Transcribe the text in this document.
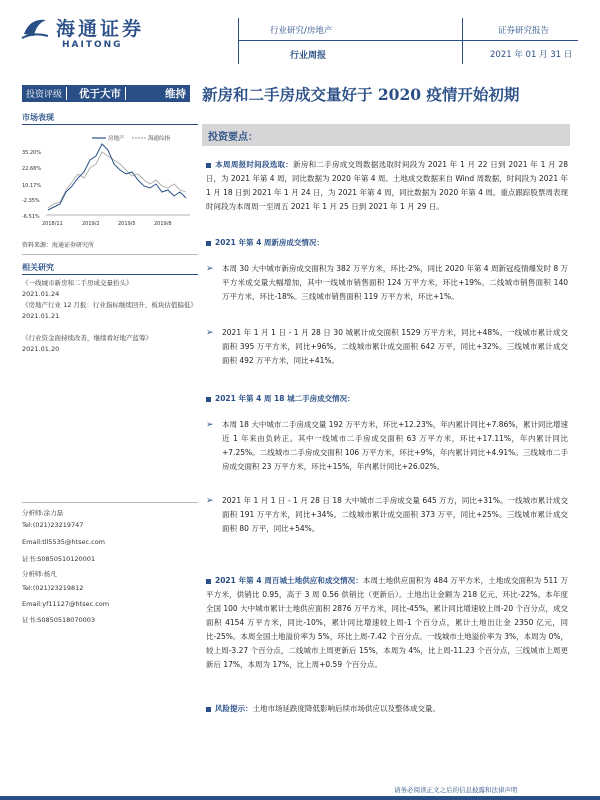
海通证券
HAITONG
行业研究/房地产
行业周报
证券研究报告
2021 年 01 月 31 日
投资评级	优于大市	维持 新房和二手房成交量好于 2020 疫情开始初期
市场表现
房地产	海通综指
35.20%
22.68%
10.17%
-2.35%
-6.51%
2018/11	2019/2	2019/5	2019/8
资料来源：海通证券研究所
相关研究
《一线城市新房和二手房成交量拾头》
2021.01.24
《房地产行业 12 月报：行业指标继续回升，板块估值偏低》
2021.01.21
《行业资金面持续改善，继续看好地产蓝筹》
2021.01.20
分析师:涂力磊
Tel:(021)23219747
Email:tll5535@htsec.com
证书:S0850510120001
分析师:杨凡
Tel:(021)23219812
Email:yf11127@htsec.com
证书:S0850518070003
投资要点：
本周周报时间段选取：新房和二手房成交周数据选取时间段为 2021 年 1 月 22 日到 2021 年 1 月 28 日，为 2021 年第 4 周，同比数据为 2020 年第 4 周。土地成交数据来自 Wind 周数据，时间段为 2021 年 1 月 18 日到 2021 年 1 月 24 日，为 2021 年第 4 周，同比数据为 2020 年第 4 周。重点跟踪股票周表现时间段为本周周一至周五 2021 年 1 月 25 日到 2021 年 1 月 29 日。
2021 年第 4 周新房成交情况：
➢ 本周 30 大中城市新房成交面积为 382 万平方米，环比-2%，同比 2020 年第 4 周新冠疫情爆发时 8 万平方米成交量大幅增加，其中一线城市销售面积 124 万平方米，环比+19%。二线城市销售面积 140 万平方米，环比-18%。三线城市销售面积 119 万平方米，环比+1%。
➢ 2021 年 1 月 1 日 - 1 月 28 日 30 城累计成交面积 1529 万平方米，同比+48%。一线城市累计成交面积 395 万平方米，同比+96%。二线城市累计成交面积 642 万平，同比+32%。三线城市累计成交面积 492 万平方米，同比+41%。
2021 年第 4 周 18 城二手房成交情况：
➢ 本周 18 大中城市二手房成交量 192 万平方米，环比+12.23%，年内累计同比+7.86%，累计同比增速近 1 年来由负转正。其中一线城市二手房成交面积 63 万平方米，环比+17.11%，年内累计同比+7.25%。二线城市二手房成交面积 106 万平方米，环比+9%，年内累计同比+4.91%。三线城市二手房成交面积 23 万平方米，环比+15%，年内累计同比+26.02%。
➢ 2021 年 1 月 1 日 - 1 月 28 日 18 大中城市二手房成交量 645 万方，同比+31%。一线城市累计成交面积 191 万平方米，同比+34%。二线城市累计成交面积 373 万平，同比+25%。三线城市累计成交面积 80 万平，同比+54%。
2021 年第 4 周百城土地供应和成交情况：本周土地供应面积为 484 万平方米，土地成交面积为 511 万平方米，供销比 0.95，高于 3 周 0.56 供销比（更新后）。土地出让金额为 218 亿元，环比-22%。本年度全国 100 大中城市累计土地供应面积 2876 万平方米，同比-45%，累计同比增速较上周-20 个百分点，成交面积 4154 万平方米，同比-10%，累计同比增速较上周-1 个百分点，累计土地出让金 2350 亿元，同比-25%。本周全国土地溢价率为 5%，环比上周-7.42 个百分点。一线城市土地溢价率为 3%，本周为 0%，较上周-3.27 个百分点，二线城市上周更新后 15%，本周为 4%，比上周-11.23 个百分点，三线城市上周更新后 17%，本周为 17%，比上周+0.59 个百分点。
风险提示：土地市场延跌度降低影响后续市场供应以及整体成交量。
请务必阅读正文之后的信息披露和法律声明
